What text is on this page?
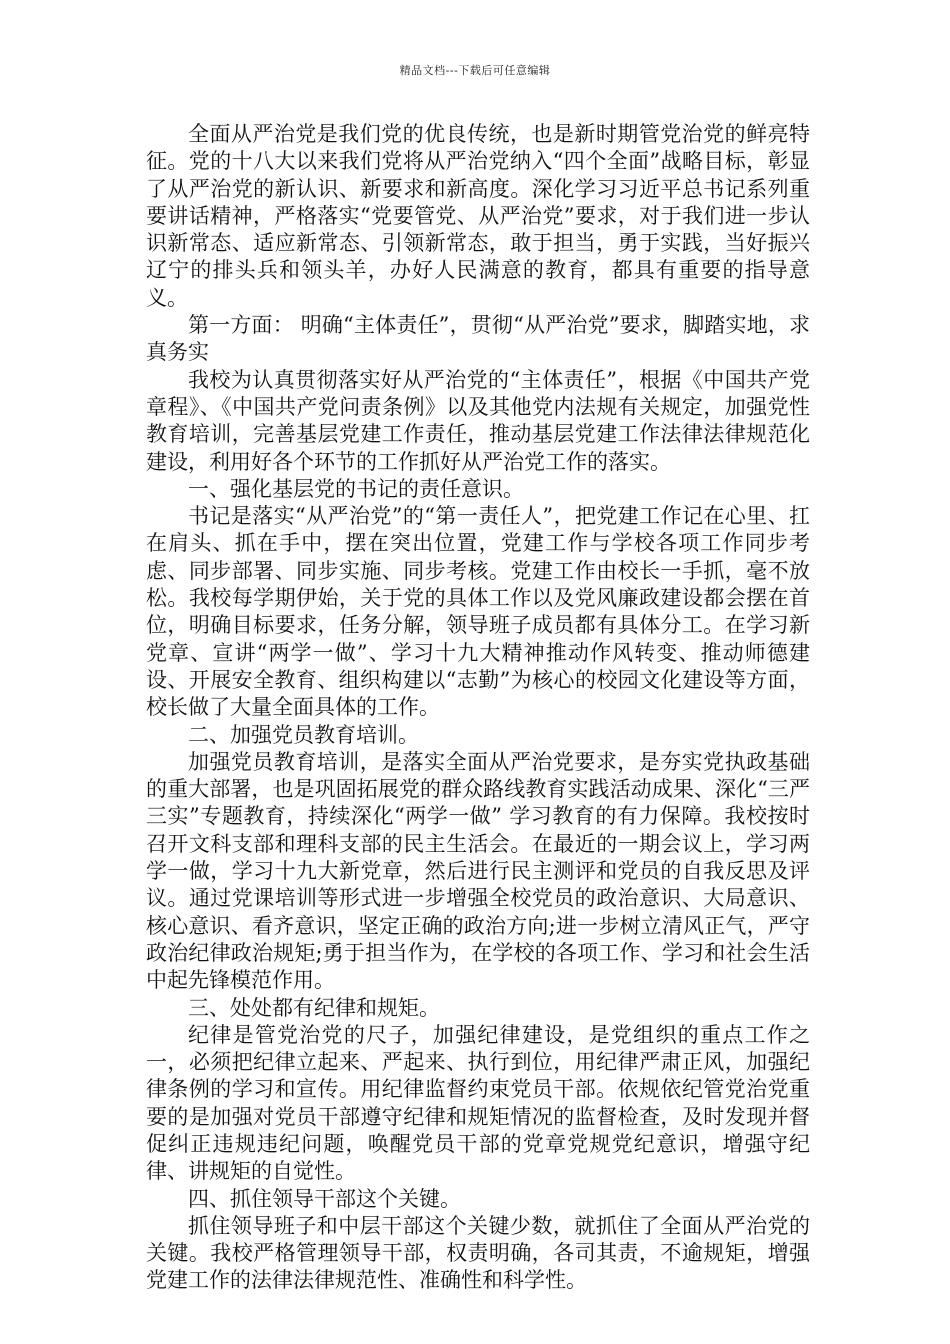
精品文档---下载后可任意编辑

全面从严治党是我们党的优良传统，也是新时期管党治党的鲜亮特征。党的十八大以来我们党将从严治党纳入“四个全面”战略目标，彰显了从严治党的新认识、新要求和新高度。深化学习习近平总书记系列重要讲话精神，严格落实“党要管党、从严治党”要求，对于我们进一步认识新常态、适应新常态、引领新常态，敢于担当，勇于实践，当好振兴辽宁的排头兵和领头羊，办好人民满意的教育，都具有重要的指导意义。

第一方面： 明确“主体责任”，贯彻“从严治党”要求，脚踏实地，求真务实

我校为认真贯彻落实好从严治党的“主体责任”，根据《中国共产党章程》、《中国共产党问责条例》以及其他党内法规有关规定，加强党性教育培训，完善基层党建工作责任，推动基层党建工作法律法律规范化建设，利用好各个环节的工作抓好从严治党工作的落实。

一、强化基层党的书记的责任意识。

书记是落实“从严治党”的“第一责任人”，把党建工作记在心里、扛在肩头、抓在手中，摆在突出位置，党建工作与学校各项工作同步考虑、同步部署、同步实施、同步考核。党建工作由校长一手抓，毫不放松。我校每学期伊始，关于党的具体工作以及党风廉政建设都会摆在首位，明确目标要求，任务分解，领导班子成员都有具体分工。在学习新党章、宣讲“两学一做”、学习十九大精神推动作风转变、推动师德建设、开展安全教育、组织构建以“志勤”为核心的校园文化建设等方面，校长做了大量全面具体的工作。

二、加强党员教育培训。

加强党员教育培训，是落实全面从严治党要求，是夯实党执政基础的重大部署，也是巩固拓展党的群众路线教育实践活动成果、深化“三严三实”专题教育，持续深化“两学一做” 学习教育的有力保障。我校按时召开文科支部和理科支部的民主生活会。在最近的一期会议上，学习两学一做，学习十九大新党章，然后进行民主测评和党员的自我反思及评议。通过党课培训等形式进一步增强全校党员的政治意识、大局意识、核心意识、看齐意识，坚定正确的政治方向;进一步树立清风正气，严守政治纪律政治规矩;勇于担当作为，在学校的各项工作、学习和社会生活中起先锋模范作用。

三、处处都有纪律和规矩。

纪律是管党治党的尺子，加强纪律建设，是党组织的重点工作之一，必须把纪律立起来、严起来、执行到位，用纪律严肃正风，加强纪律条例的学习和宣传。用纪律监督约束党员干部。依规依纪管党治党重要的是加强对党员干部遵守纪律和规矩情况的监督检查，及时发现并督促纠正违规违纪问题，唤醒党员干部的党章党规党纪意识，增强守纪律、讲规矩的自觉性。

四、抓住领导干部这个关键。

抓住领导班子和中层干部这个关键少数，就抓住了全面从严治党的关键。我校严格管理领导干部，权责明确，各司其责，不逾规矩，增强党建工作的法律法律规范性、准确性和科学性。
